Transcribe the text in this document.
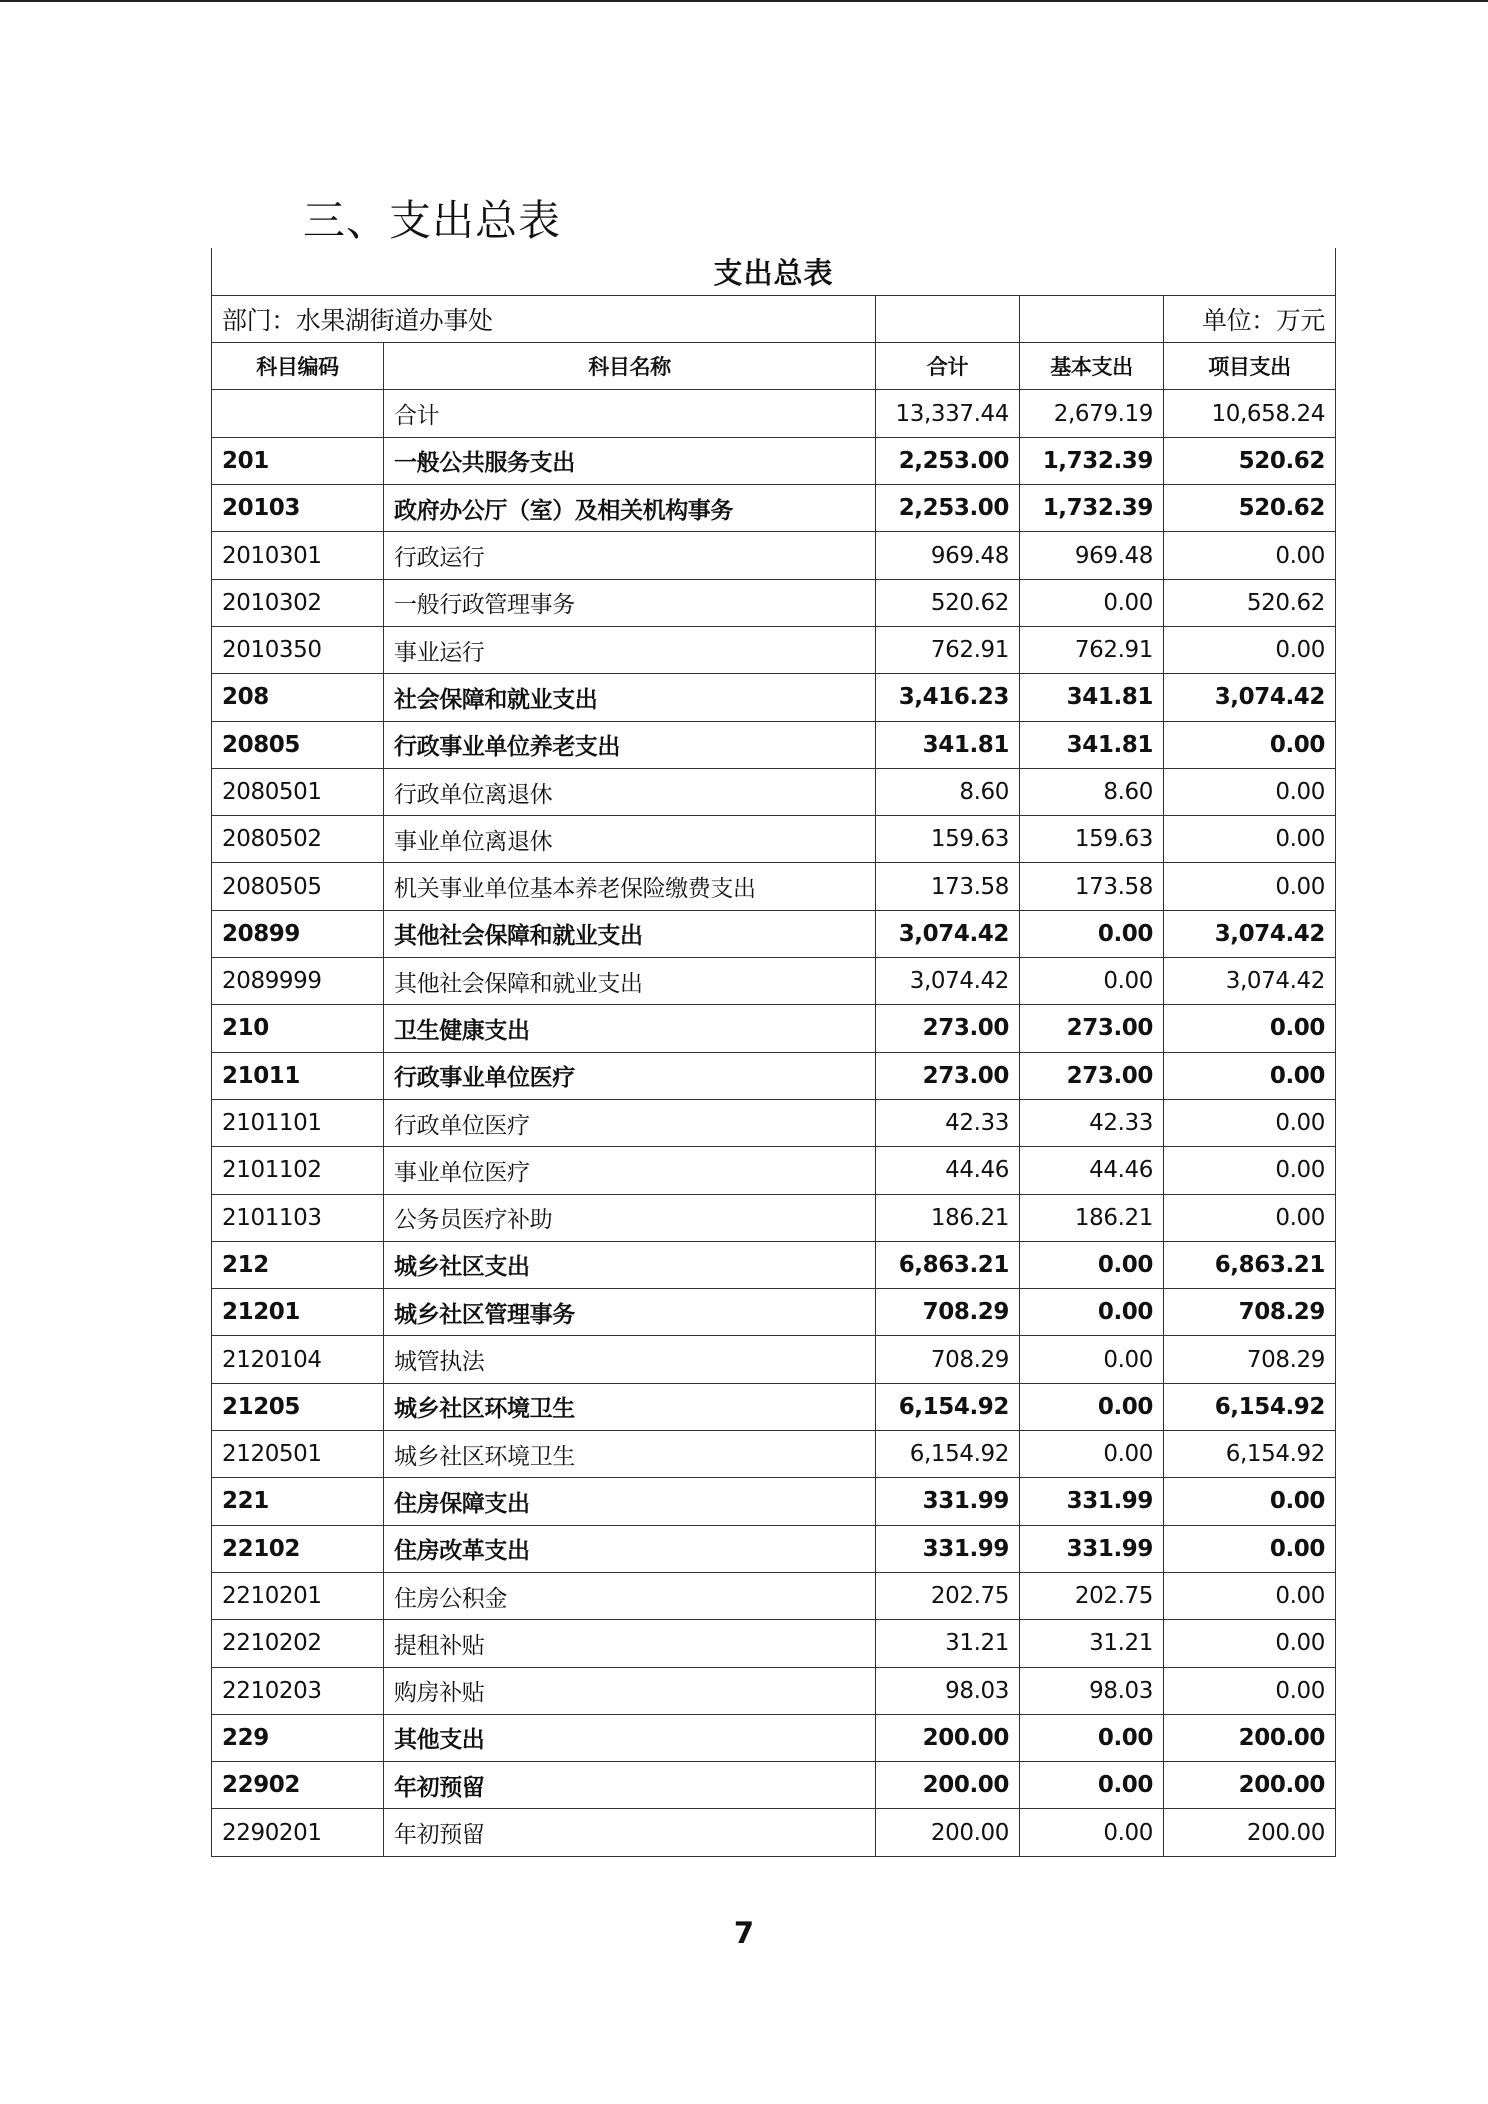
三、支出总表
支出总表				
部门：水果湖街道办事处				单位：万元
科目编码	科目名称	合计	基本支出	项目支出
	合计	13,337.44	2,679.19	10,658.24
201	一般公共服务支出	2,253.00	1,732.39	520.62
20103	政府办公厅（室）及相关机构事务	2,253.00	1,732.39	520.62
2010301	行政运行	969.48	969.48	0.00
2010302	一般行政管理事务	520.62	0.00	520.62
2010350	事业运行	762.91	762.91	0.00
208	社会保障和就业支出	3,416.23	341.81	3,074.42
20805	行政事业单位养老支出	341.81	341.81	0.00
2080501	行政单位离退休	8.60	8.60	0.00
2080502	事业单位离退休	159.63	159.63	0.00
2080505	机关事业单位基本养老保险缴费支出	173.58	173.58	0.00
20899	其他社会保障和就业支出	3,074.42	0.00	3,074.42
2089999	其他社会保障和就业支出	3,074.42	0.00	3,074.42
210	卫生健康支出	273.00	273.00	0.00
21011	行政事业单位医疗	273.00	273.00	0.00
2101101	行政单位医疗	42.33	42.33	0.00
2101102	事业单位医疗	44.46	44.46	0.00
2101103	公务员医疗补助	186.21	186.21	0.00
212	城乡社区支出	6,863.21	0.00	6,863.21
21201	城乡社区管理事务	708.29	0.00	708.29
2120104	城管执法	708.29	0.00	708.29
21205	城乡社区环境卫生	6,154.92	0.00	6,154.92
2120501	城乡社区环境卫生	6,154.92	0.00	6,154.92
221	住房保障支出	331.99	331.99	0.00
22102	住房改革支出	331.99	331.99	0.00
2210201	住房公积金	202.75	202.75	0.00
2210202	提租补贴	31.21	31.21	0.00
2210203	购房补贴	98.03	98.03	0.00
229	其他支出	200.00	0.00	200.00
22902	年初预留	200.00	0.00	200.00
2290201	年初预留	200.00	0.00	200.00
7
